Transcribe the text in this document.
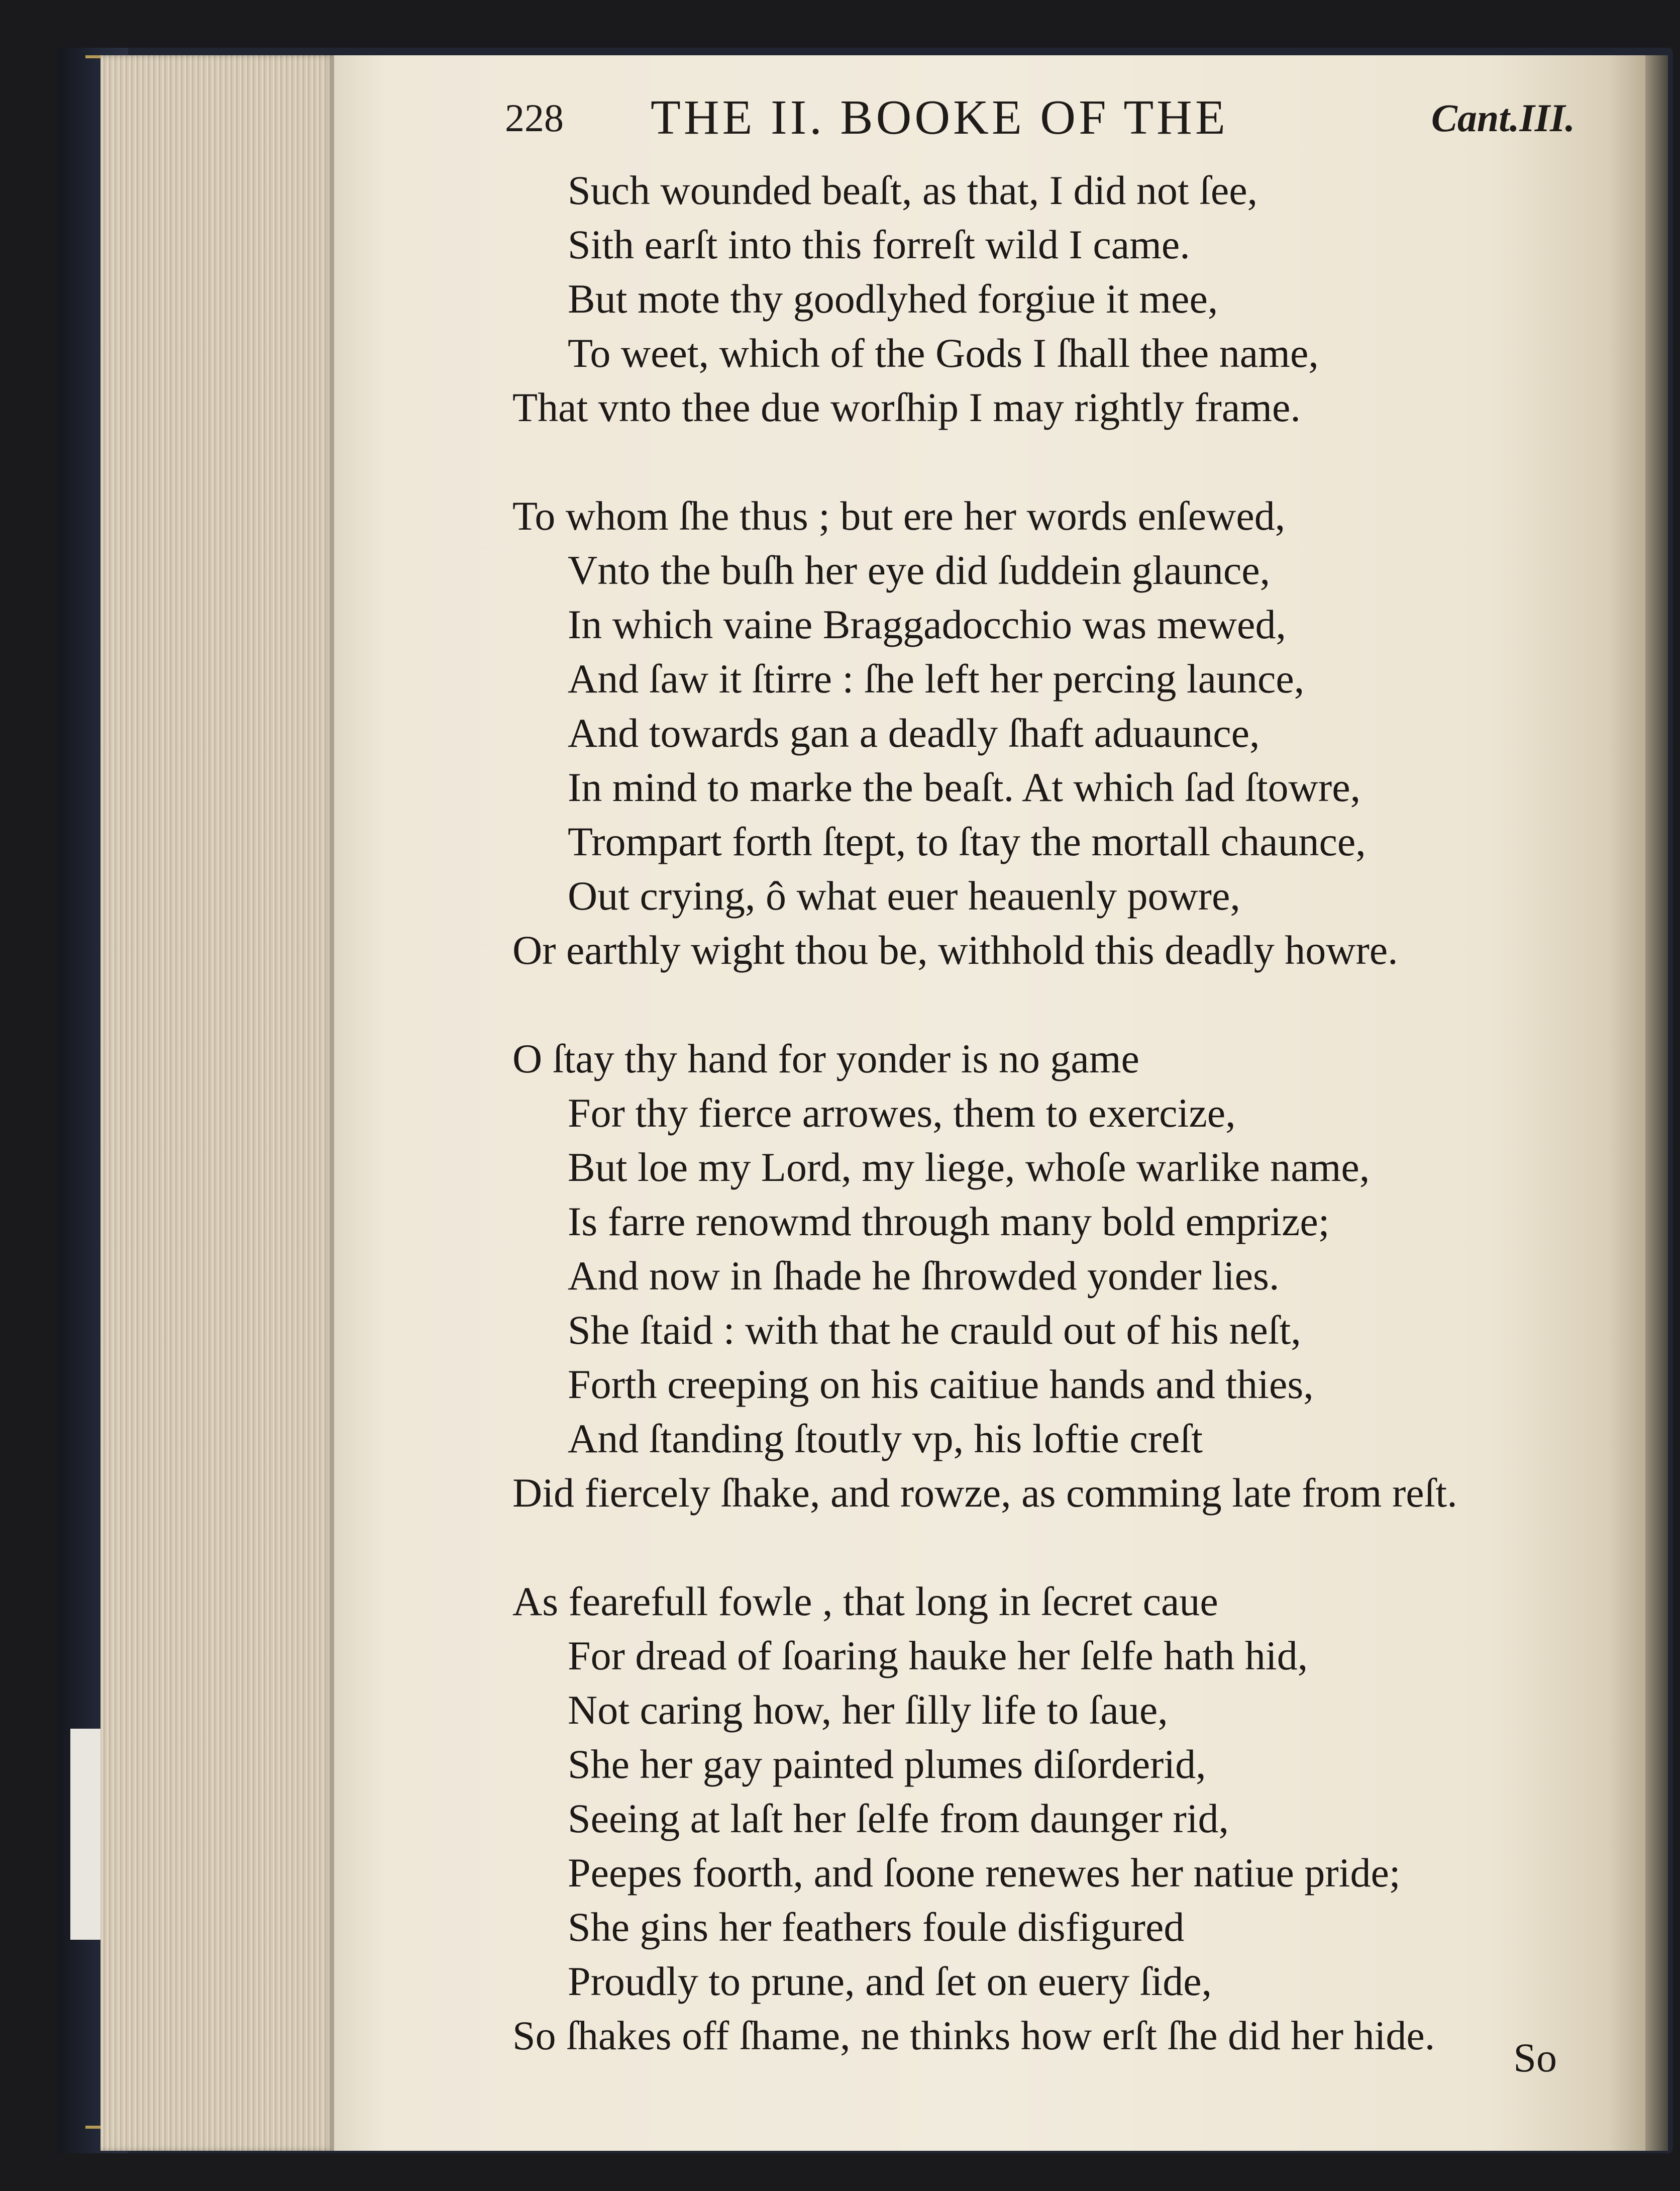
228 THE II. BOOKE OF THE	Cant.III.
Such wounded beaſt, as that, I did not ſee,
Sith earſt into this forreſt wild I came.
But mote thy goodlyhed forgiue it mee,
To weet, which of the Gods I ſhall thee name,
That vnto thee due worſhip I may rightly frame.
To whom ſhe thus ; but ere her words enſewed,
Vnto the buſh her eye did ſuddein glaunce,
In which vaine Braggadocchio was mewed,
And ſaw it ſtirre : ſhe left her percing launce,
And towards gan a deadly ſhaft aduaunce,
In mind to marke the beaſt. At which ſad ſtowre,
Trompart forth ſtept, to ſtay the mortall chaunce,
Out crying, ô what euer heauenly powre,
Or earthly wight thou be, withhold this deadly howre.
O ſtay thy hand for yonder is no game
For thy fierce arrowes, them to exercize,
But loe my Lord, my liege, whoſe warlike name,
Is farre renowmd through many bold emprize;
And now in ſhade he ſhrowded yonder lies.
She ſtaid : with that he crauld out of his neſt,
Forth creeping on his caitiue hands and thies,
And ſtanding ſtoutly vp, his loftie creſt
Did fiercely ſhake, and rowze, as comming late from reſt.
As fearefull fowle , that long in ſecret caue
For dread of ſoaring hauke her ſelfe hath hid,
Not caring how, her ſilly life to ſaue,
She her gay painted plumes diſorderid,
Seeing at laſt her ſelfe from daunger rid,
Peepes foorth, and ſoone renewes her natiue pride;
She gins her feathers foule disfigured
Proudly to prune, and ſet on euery ſide,
So ſhakes off ſhame, ne thinks how erſt ſhe did her hide.	So
